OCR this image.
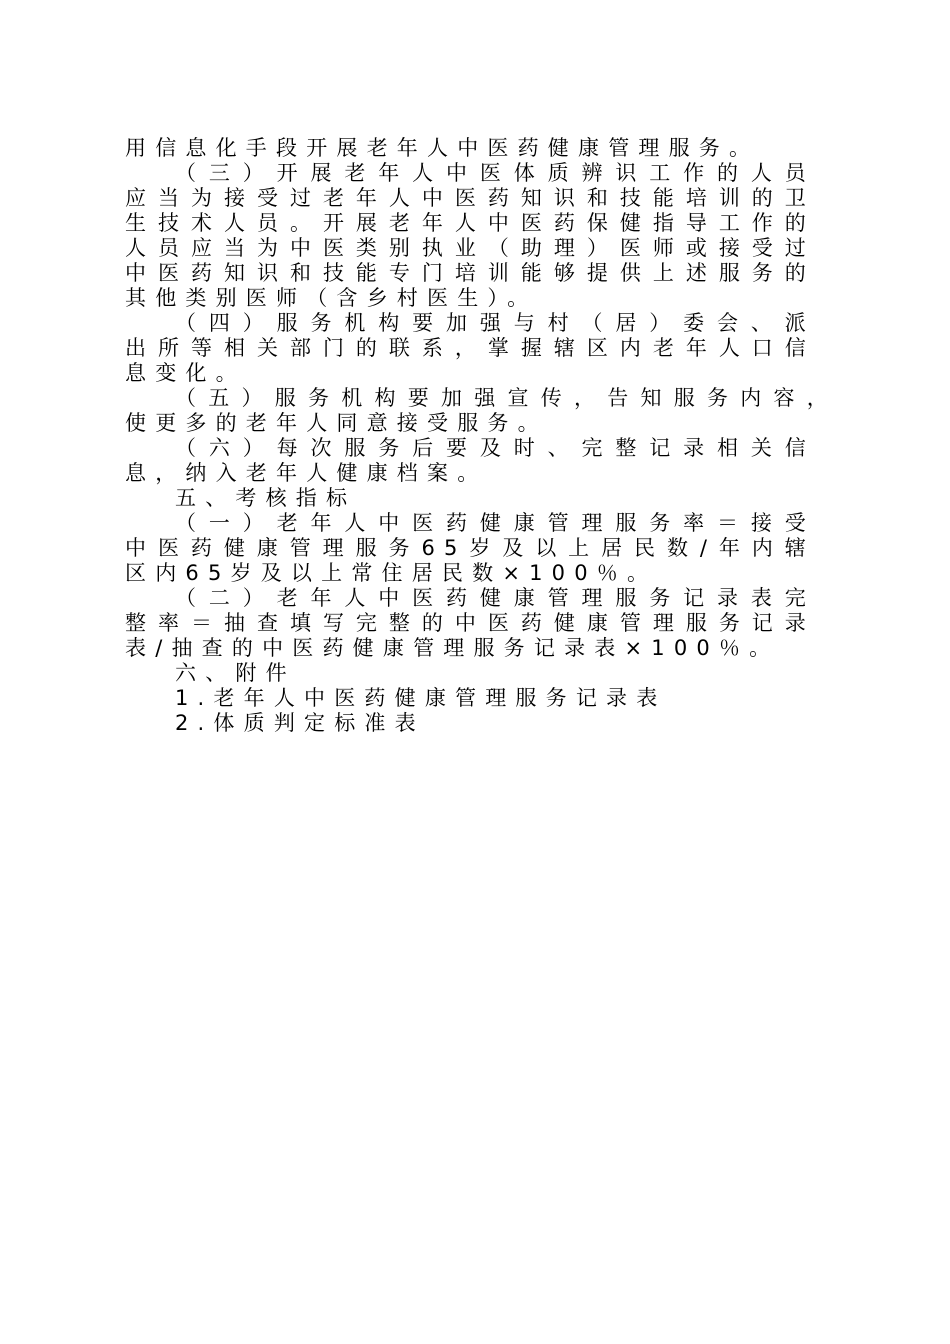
用信息化手段开展老年人中医药健康管理服务。
（三）开展老年人中医体质辨识工作的人员
应当为接受过老年人中医药知识和技能培训的卫
生技术人员。开展老年人中医药保健指导工作的
人员应当为中医类别执业（助理）医师或接受过
中医药知识和技能专门培训能够提供上述服务的
其他类别医师（含乡村医生）。
（四）服务机构要加强与村（居）委会、派
出所等相关部门的联系，掌握辖区内老年人口信
息变化。
（五）服务机构要加强宣传，告知服务内容，
使更多的老年人同意接受服务。
（六）每次服务后要及时、完整记录相关信
息，纳入老年人健康档案。
五、考核指标
（一）老年人中医药健康管理服务率＝接受
中医药健康管理服务65岁及以上居民数/年内辖
区内65岁及以上常住居民数×100％。
（二）老年人中医药健康管理服务记录表完
整率＝抽查填写完整的中医药健康管理服务记录
表/抽查的中医药健康管理服务记录表×100％。
六、附件
1.老年人中医药健康管理服务记录表
2.体质判定标准表
